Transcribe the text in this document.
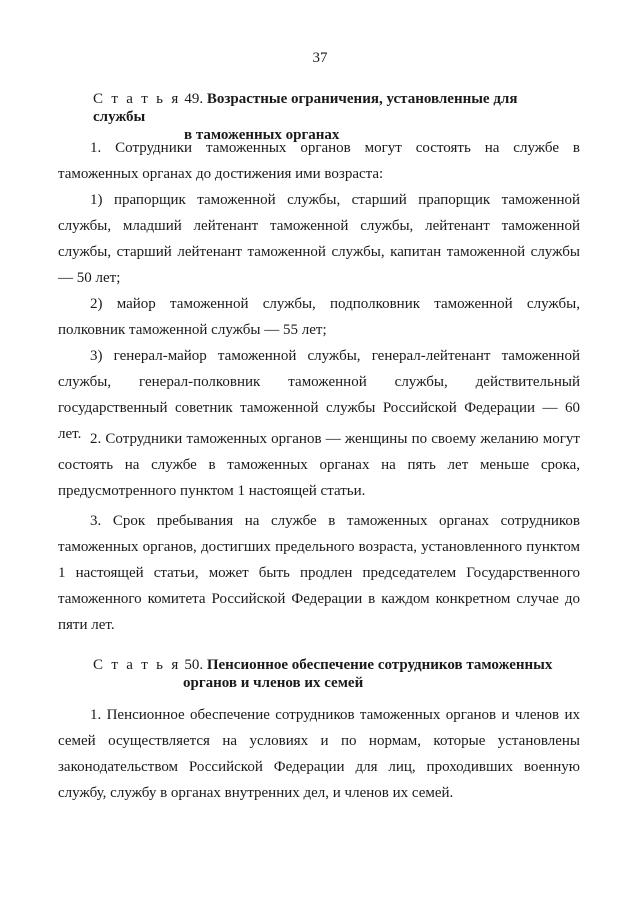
37
С т а т ь я 49. Возрастные ограничения, установленные для службы
в таможенных органах

1. Сотрудники таможенных органов могут состоять на службе в таможенных органах до достижения ими возраста:

1) прапорщик таможенной службы, старший прапорщик таможенной службы, младший лейтенант таможенной службы, лейтенант таможенной службы, старший лейтенант таможенной службы, капитан таможенной службы — 50 лет;

2) майор таможенной службы, подполковник таможенной службы, полковник таможенной службы — 55 лет;

3) генерал-майор таможенной службы, генерал-лейтенант таможенной службы, генерал-полковник таможенной службы, действительный государственный советник таможенной службы Российской Федерации — 60 лет. 2. Сотрудники таможенных органов — женщины по своему желанию могут состоять на службе в таможенных органах на пять лет меньше срока, предусмотренного пунктом 1 настоящей статьи.

3. Срок пребывания на службе в таможенных органах сотрудников таможенных органов, достигших предельного возраста, установленного пунктом 1 настоящей статьи, может быть продлен председателем Государственного таможенного комитета Российской Федерации в каждом конкретном случае до пяти лет.

С т а т ь я 50. Пенсионное обеспечение сотрудников таможенных
органов и членов их семей

1. Пенсионное обеспечение сотрудников таможенных органов и членов их семей осуществляется на условиях и по нормам, которые установлены законодательством Российской Федерации для лиц, проходивших военную службу, службу в органах внутренних дел, и членов их семей.
